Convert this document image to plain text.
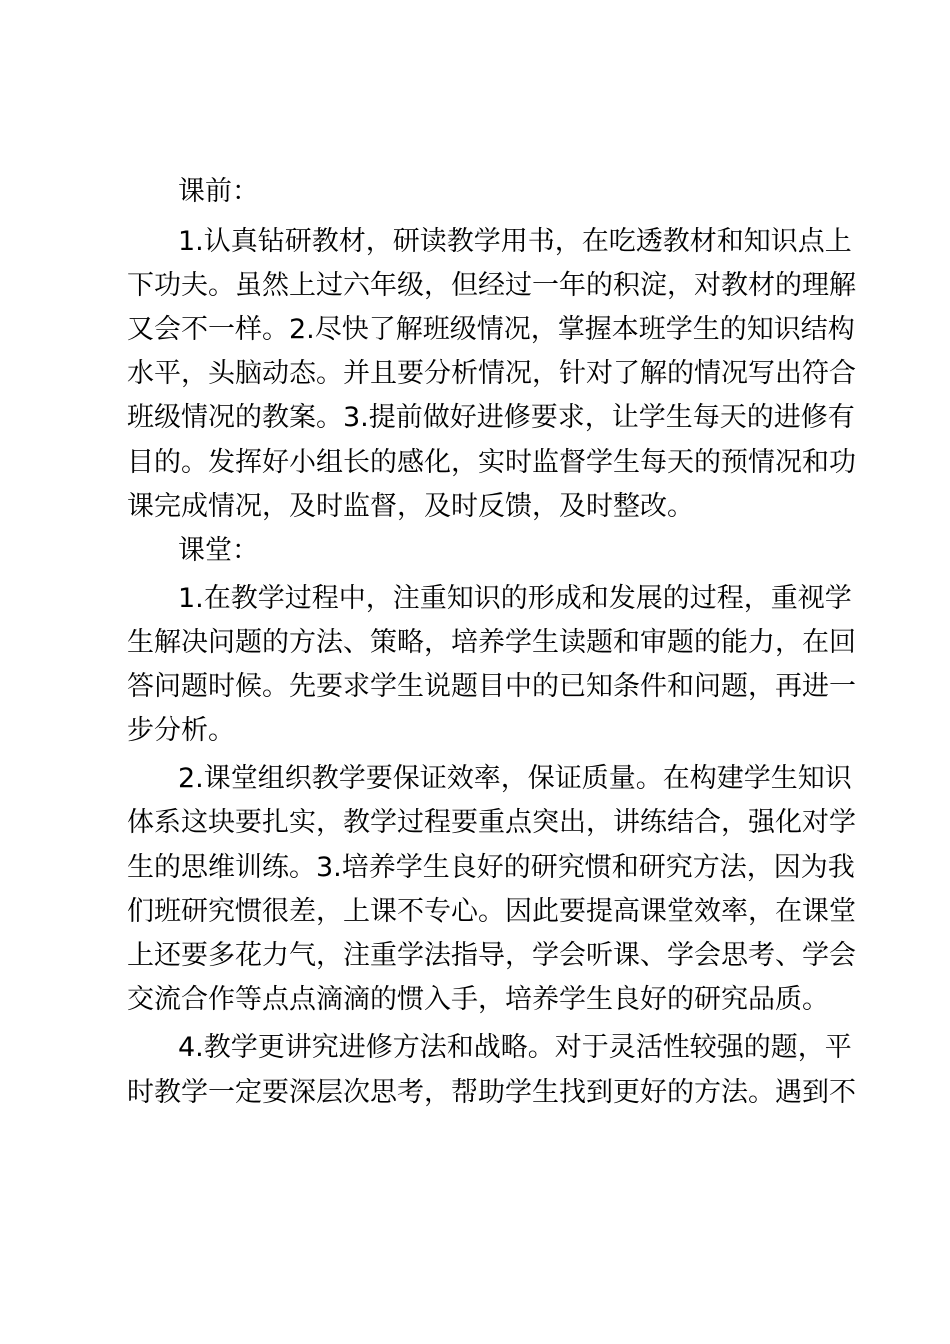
课前：
1.认真钻研教材，研读教学用书，在吃透教材和知识点上
下功夫。虽然上过六年级，但经过一年的积淀，对教材的理解
又会不一样。2.尽快了解班级情况，掌握本班学生的知识结构
水平，头脑动态。并且要分析情况，针对了解的情况写出符合
班级情况的教案。3.提前做好进修要求，让学生每天的进修有
目的。发挥好小组长的感化，实时监督学生每天的预情况和功
课完成情况，及时监督，及时反馈，及时整改。
课堂：
1.在教学过程中，注重知识的形成和发展的过程，重视学
生解决问题的方法、策略，培养学生读题和审题的能力，在回
答问题时候。先要求学生说题目中的已知条件和问题，再进一
步分析。
2.课堂组织教学要保证效率，保证质量。在构建学生知识
体系这块要扎实，教学过程要重点突出，讲练结合，强化对学
生的思维训练。3.培养学生良好的研究惯和研究方法，因为我
们班研究惯很差，上课不专心。因此要提高课堂效率，在课堂
上还要多花力气，注重学法指导，学会听课、学会思考、学会
交流合作等点点滴滴的惯入手，培养学生良好的研究品质。
4.教学更讲究进修方法和战略。对于灵活性较强的题，平
时教学一定要深层次思考，帮助学生找到更好的方法。遇到不
